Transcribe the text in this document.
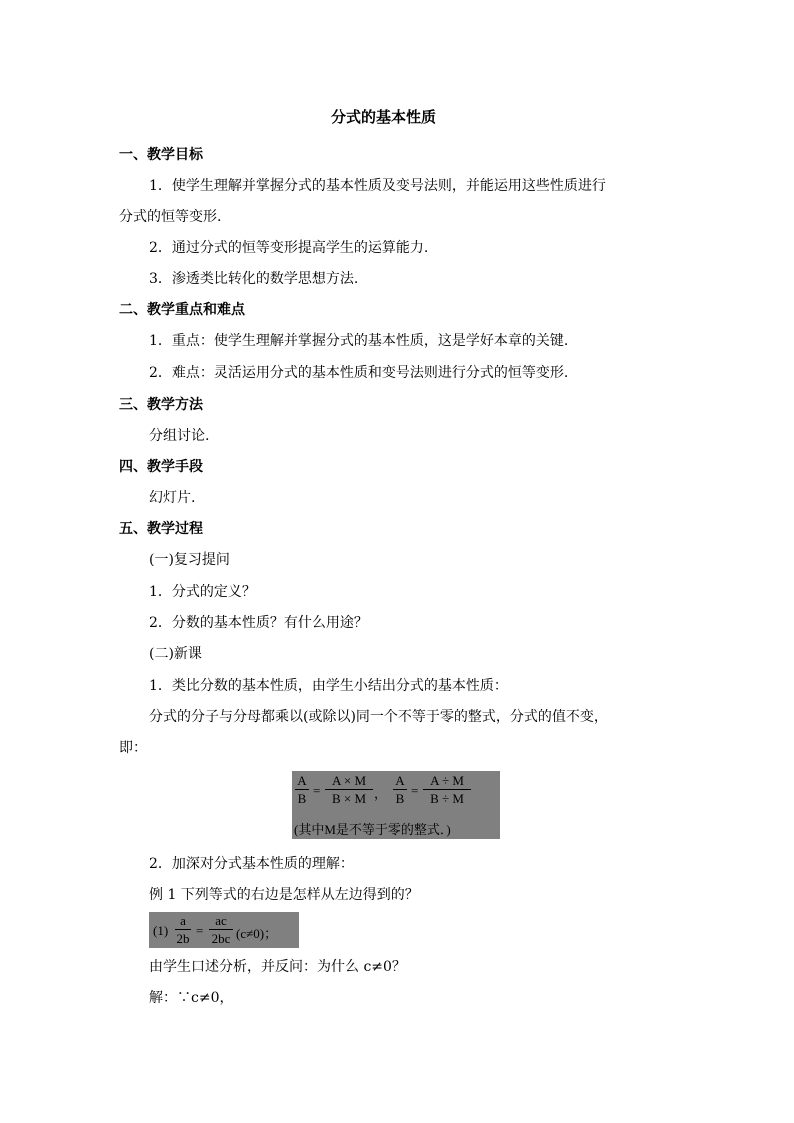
分式的基本性质
一、教学目标
1．使学生理解并掌握分式的基本性质及变号法则，并能运用这些性质进行
分式的恒等变形.
2．通过分式的恒等变形提高学生的运算能力.
3．渗透类比转化的数学思想方法.
二、教学重点和难点
1．重点：使学生理解并掌握分式的基本性质，这是学好本章的关键.
2．难点：灵活运用分式的基本性质和变号法则进行分式的恒等变形.
三、教学方法
分组讨论.
四、教学手段
幻灯片.
五、教学过程
(一)复习提问
1．分式的定义？
2．分数的基本性质？有什么用途？
(二)新课
1．类比分数的基本性质，由学生小结出分式的基本性质：
分式的分子与分母都乘以(或除以)同一个不等于零的整式，分式的值不变，
即：
A
B
=
A × M
B × M ，
A
B
=
A ÷ M
B ÷ M
(其中M是不等于零的整式．)
2．加深对分式基本性质的理解：
例 1 下列等式的右边是怎样从左边得到的？
(1)
a
2b
=
ac
2bc (c≠0)；
由学生口述分析，并反问：为什么 c≠0？
解：∵c≠0，
